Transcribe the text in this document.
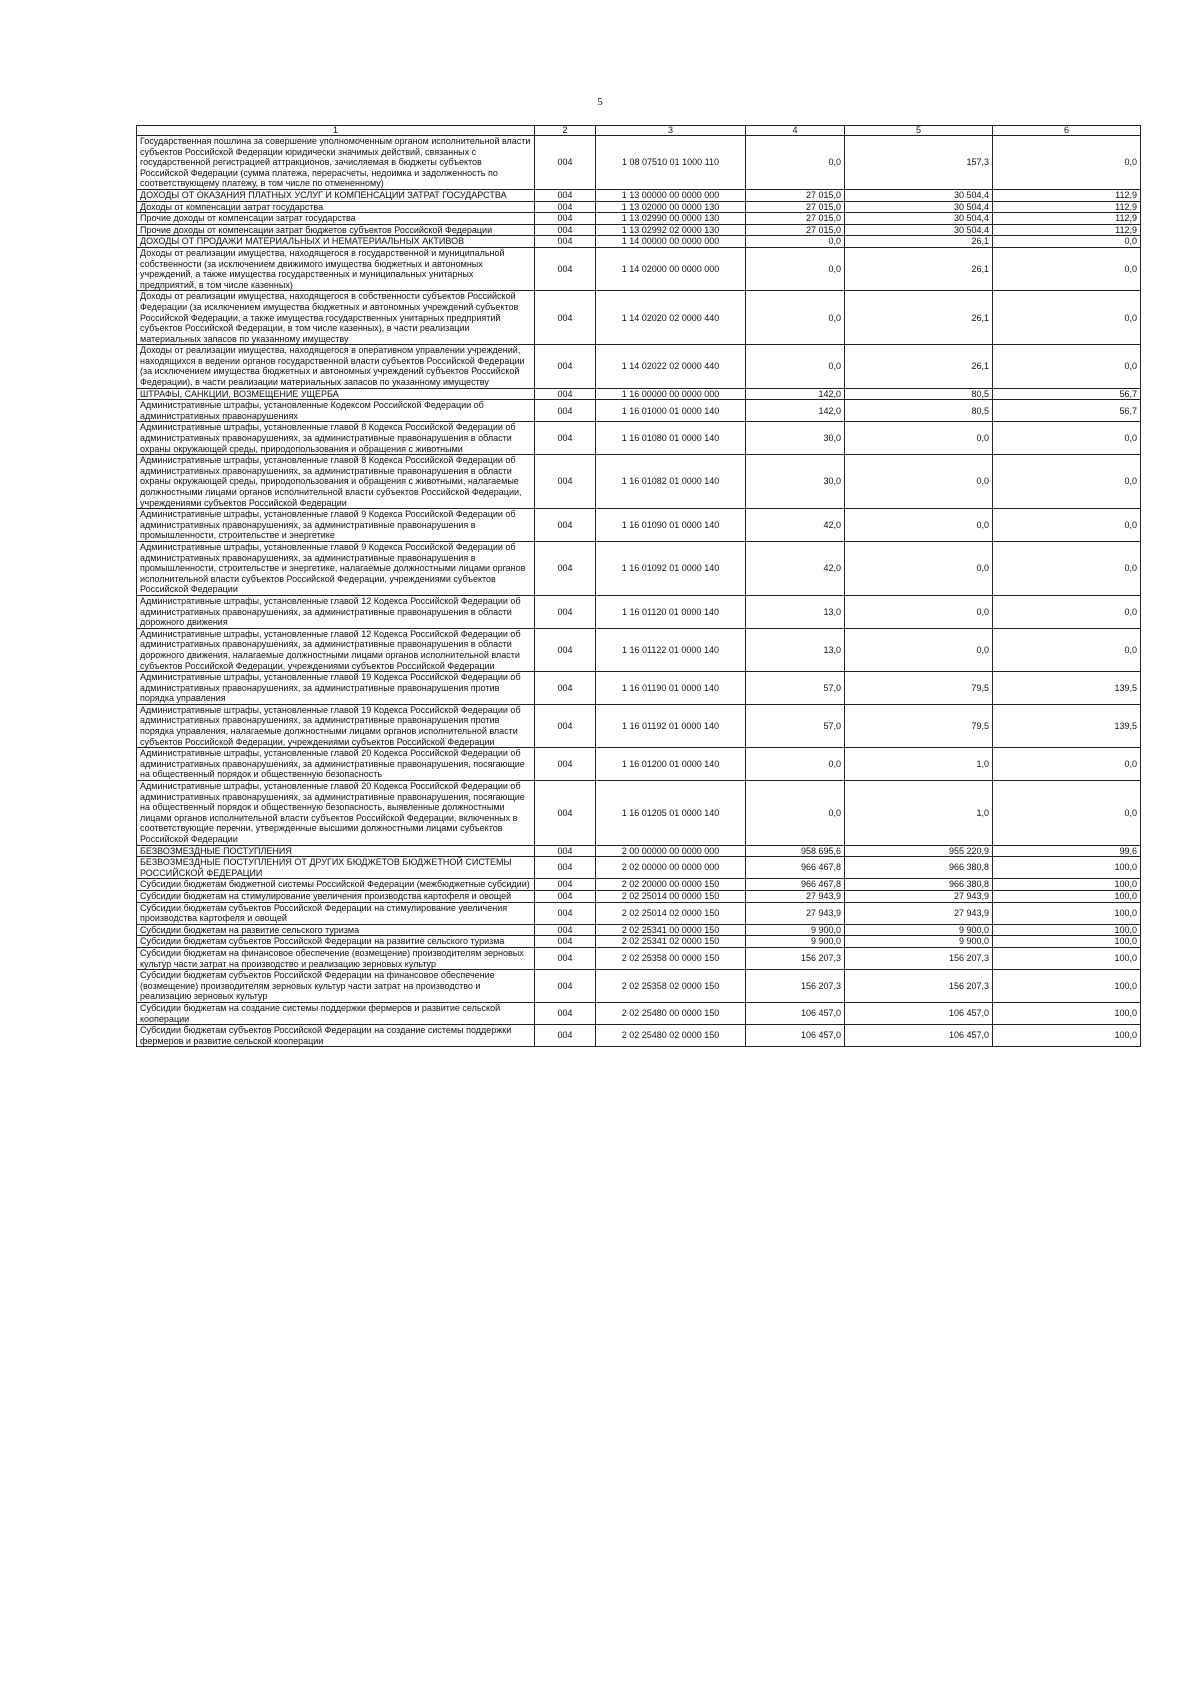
5
1	2	3	4	5	6
Государственная пошлина за совершение уполномоченным органом исполнительной власти субъектов Российской Федерации юридически значимых действий, связанных с государственной регистрацией аттракционов, зачисляемая в бюджеты субъектов Российской Федерации (сумма платежа, перерасчеты, недоимка и задолженность по соответствующему платежу, в том числе по отмененному)	004	1 08 07510 01 1000 110	0,0	157,3	0,0
ДОХОДЫ ОТ ОКАЗАНИЯ ПЛАТНЫХ УСЛУГ И КОМПЕНСАЦИИ ЗАТРАТ ГОСУДАРСТВА	004	1 13 00000 00 0000 000	27 015,0	30 504,4	112,9
Доходы от компенсации затрат государства	004	1 13 02000 00 0000 130	27 015,0	30 504,4	112,9
Прочие доходы от компенсации затрат государства	004	1 13 02990 00 0000 130	27 015,0	30 504,4	112,9
Прочие доходы от компенсации затрат бюджетов субъектов Российской Федерации	004	1 13 02992 02 0000 130	27 015,0	30 504,4	112,9
ДОХОДЫ ОТ ПРОДАЖИ МАТЕРИАЛЬНЫХ И НЕМАТЕРИАЛЬНЫХ АКТИВОВ	004	1 14 00000 00 0000 000	0,0	26,1	0,0
Доходы от реализации имущества, находящегося в государственной и муниципальной собственности (за исключением движимого имущества бюджетных и автономных учреждений, а также имущества государственных и муниципальных унитарных предприятий, в том числе казенных)	004	1 14 02000 00 0000 000	0,0	26,1	0,0
Доходы от реализации имущества, находящегося в собственности субъектов Российской Федерации (за исключением имущества бюджетных и автономных учреждений субъектов Российской Федерации, а также имущества государственных унитарных предприятий субъектов Российской Федерации, в том числе казенных), в части реализации материальных запасов по указанному имуществу	004	1 14 02020 02 0000 440	0,0	26,1	0,0
Доходы от реализации имущества, находящегося в оперативном управлении учреждений, находящихся в ведении органов государственной власти субъектов Российской Федерации (за исключением имущества бюджетных и автономных учреждений субъектов Российской Федерации), в части реализации материальных запасов по указанному имуществу	004	1 14 02022 02 0000 440	0,0	26,1	0,0
ШТРАФЫ, САНКЦИИ, ВОЗМЕЩЕНИЕ УЩЕРБА	004	1 16 00000 00 0000 000	142,0	80,5	56,7
Административные штрафы, установленные Кодексом Российской Федерации об административных правонарушениях	004	1 16 01000 01 0000 140	142,0	80,5	56,7
Административные штрафы, установленные главой 8 Кодекса Российской Федерации об административных правонарушениях, за административные правонарушения в области охраны окружающей среды, природопользования и обращения с животными	004	1 16 01080 01 0000 140	30,0	0,0	0,0
Административные штрафы, установленные главой 8 Кодекса Российской Федерации об административных правонарушениях, за административные правонарушения в области охраны окружающей среды, природопользования и обращения с животными, налагаемые должностными лицами органов исполнительной власти субъектов Российской Федерации, учреждениями субъектов Российской Федерации	004	1 16 01082 01 0000 140	30,0	0,0	0,0
Административные штрафы, установленные главой 9 Кодекса Российской Федерации об административных правонарушениях, за административные правонарушения в промышленности, строительстве и энергетике	004	1 16 01090 01 0000 140	42,0	0,0	0,0
Административные штрафы, установленные главой 9 Кодекса Российской Федерации об административных правонарушениях, за административные правонарушения в промышленности, строительстве и энергетике, налагаемые должностными лицами органов исполнительной власти субъектов Российской Федерации, учреждениями субъектов Российской Федерации	004	1 16 01092 01 0000 140	42,0	0,0	0,0
Административные штрафы, установленные главой 12 Кодекса Российской Федерации об административных правонарушениях, за административные правонарушения в области дорожного движения	004	1 16 01120 01 0000 140	13,0	0,0	0,0
Административные штрафы, установленные главой 12 Кодекса Российской Федерации об административных правонарушениях, за административные правонарушения в области дорожного движения, налагаемые должностными лицами органов исполнительной власти субъектов Российской Федерации, учреждениями субъектов Российской Федерации	004	1 16 01122 01 0000 140	13,0	0,0	0,0
Административные штрафы, установленные главой 19 Кодекса Российской Федерации об административных правонарушениях, за административные правонарушения против порядка управления	004	1 16 01190 01 0000 140	57,0	79,5	139,5
Административные штрафы, установленные главой 19 Кодекса Российской Федерации об административных правонарушениях, за административные правонарушения против порядка управления, налагаемые должностными лицами органов исполнительной власти субъектов Российской Федерации, учреждениями субъектов Российской Федерации	004	1 16 01192 01 0000 140	57,0	79,5	139,5
Административные штрафы, установленные главой 20 Кодекса Российской Федерации об административных правонарушениях, за административные правонарушения, посягающие на общественный порядок и общественную безопасность	004	1 16 01200 01 0000 140	0,0	1,0	0,0
Административные штрафы, установленные главой 20 Кодекса Российской Федерации об административных правонарушениях, за административные правонарушения, посягающие на общественный порядок и общественную безопасность, выявленные должностными лицами органов исполнительной власти субъектов Российской Федерации, включенных в соответствующие перечни, утвержденные высшими должностными лицами субъектов Российской Федерации	004	1 16 01205 01 0000 140	0,0	1,0	0,0
БЕЗВОЗМЕЗДНЫЕ ПОСТУПЛЕНИЯ	004	2 00 00000 00 0000 000	958 695,6	955 220,9	99,6
БЕЗВОЗМЕЗДНЫЕ ПОСТУПЛЕНИЯ ОТ ДРУГИХ БЮДЖЕТОВ БЮДЖЕТНОЙ СИСТЕМЫ РОССИЙСКОЙ ФЕДЕРАЦИИ	004	2 02 00000 00 0000 000	966 467,8	966 380,8	100,0
Субсидии бюджетам бюджетной системы Российской Федерации (межбюджетные субсидии)	004	2 02 20000 00 0000 150	966 467,8	966 380,8	100,0
Субсидии бюджетам на стимулирование увеличения производства картофеля и овощей	004	2 02 25014 00 0000 150	27 943,9	27 943,9	100,0
Субсидии бюджетам субъектов Российской Федерации на стимулирование увеличения производства картофеля и овощей	004	2 02 25014 02 0000 150	27 943,9	27 943,9	100,0
Субсидии бюджетам на развитие сельского туризма	004	2 02 25341 00 0000 150	9 900,0	9 900,0	100,0
Субсидии бюджетам субъектов Российской Федерации на развитие сельского туризма	004	2 02 25341 02 0000 150	9 900,0	9 900,0	100,0
Субсидии бюджетам на финансовое обеспечение (возмещение) производителям зерновых культур части затрат на производство и реализацию зерновых культур	004	2 02 25358 00 0000 150	156 207,3	156 207,3	100,0
Субсидии бюджетам субъектов Российской Федерации на финансовое обеспечение (возмещение) производителям зерновых культур части затрат на производство и реализацию зерновых культур	004	2 02 25358 02 0000 150	156 207,3	156 207,3	100,0
Субсидии бюджетам на создание системы поддержки фермеров и развитие сельской кооперации	004	2 02 25480 00 0000 150	106 457,0	106 457,0	100,0
Субсидии бюджетам субъектов Российской Федерации на создание системы поддержки фермеров и развитие сельской кооперации	004	2 02 25480 02 0000 150	106 457,0	106 457,0	100,0
